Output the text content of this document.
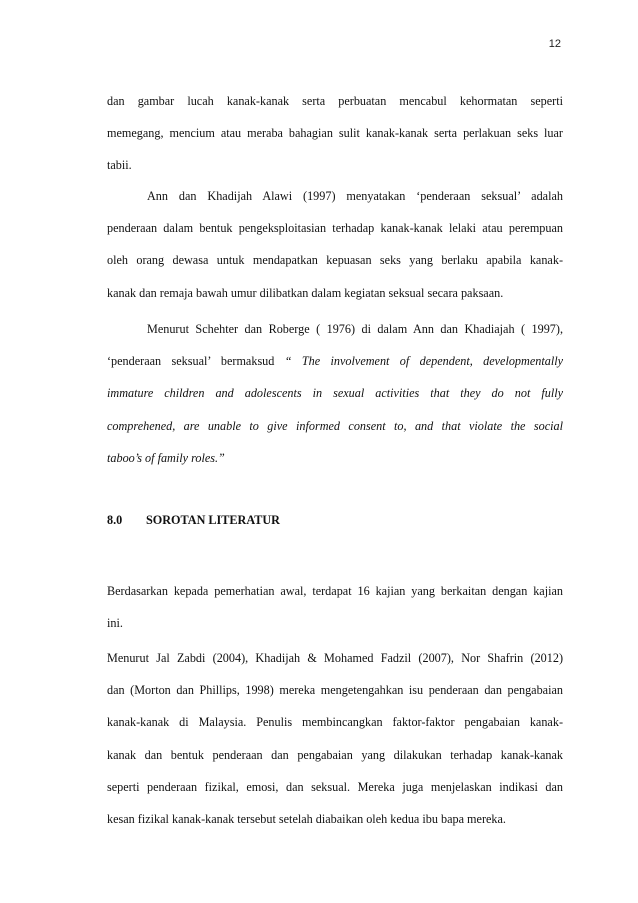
12
dan gambar lucah kanak-kanak serta perbuatan mencabul kehormatan seperti
memegang, mencium atau meraba bahagian sulit kanak-kanak serta perlakuan seks luar
tabii.
Ann dan Khadijah Alawi (1997) menyatakan ‘penderaan seksual’ adalah
penderaan dalam bentuk pengeksploitasian terhadap kanak-kanak lelaki atau perempuan
oleh orang dewasa untuk mendapatkan kepuasan seks yang berlaku apabila kanak-
kanak dan remaja bawah umur dilibatkan dalam kegiatan seksual secara paksaan.
Menurut Schehter dan Roberge ( 1976) di dalam Ann dan Khadiajah ( 1997),
‘penderaan seksual’ bermaksud “ The involvement of dependent, developmentally
immature children and adolescents in sexual activities that they do not fully
comprehened, are unable to give informed consent to, and that violate the social
taboo’s of family roles.”
8.0 SOROTAN LITERATUR
Berdasarkan kepada pemerhatian awal, terdapat 16 kajian yang berkaitan dengan kajian
ini.
Menurut Jal Zabdi (2004), Khadijah & Mohamed Fadzil (2007), Nor Shafrin (2012)
dan (Morton dan Phillips, 1998) mereka mengetengahkan isu penderaan dan pengabaian
kanak-kanak di Malaysia. Penulis membincangkan faktor-faktor pengabaian kanak-
kanak dan bentuk penderaan dan pengabaian yang dilakukan terhadap kanak-kanak
seperti penderaan fizikal, emosi, dan seksual. Mereka juga menjelaskan indikasi dan
kesan fizikal kanak-kanak tersebut setelah diabaikan oleh kedua ibu bapa mereka.
